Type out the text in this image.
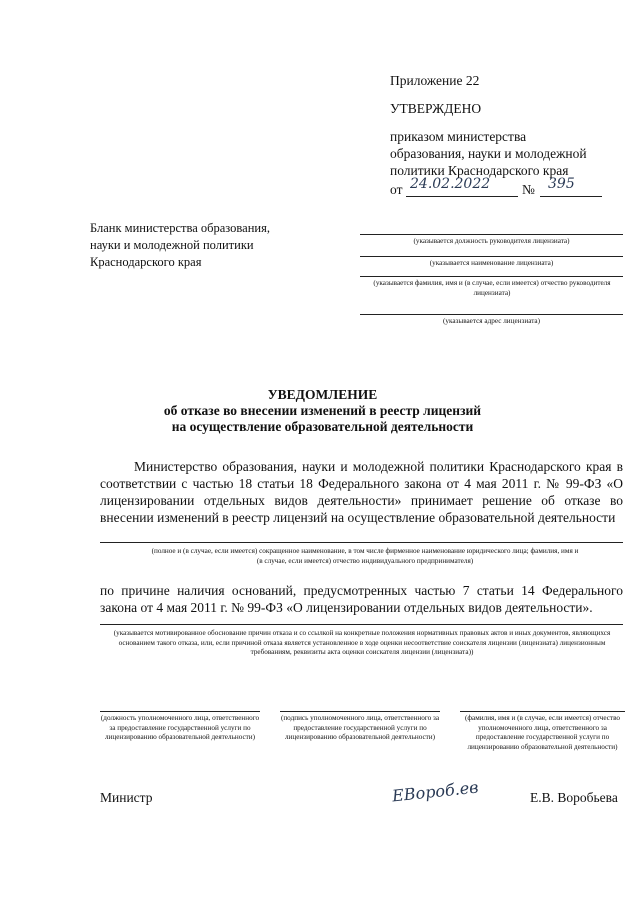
Приложение 22
УТВЕРЖДЕНО
приказом министерства
образования, науки и молодежной
политики Краснодарского края
от 24.02.2022 № 395
Бланк министерства образования,
науки и молодежной политики
Краснодарского края
(указывается должность руководителя лицензиата)
(указывается наименование лицензиата)
(указывается фамилия, имя и (в случае, если имеется) отчество руководителя лицензиата)
(указывается адрес лицензиата)
УВЕДОМЛЕНИЕ
об отказе во внесении изменений в реестр лицензий
на осуществление образовательной деятельности
Министерство образования, науки и молодежной политики Краснодарского края в соответствии с частью 18 статьи 18 Федерального закона от 4 мая 2011 г. № 99-ФЗ «О лицензировании отдельных видов деятельности» принимает решение об отказе во внесении изменений в реестр лицензий на осуществление образовательной деятельности
(полное и (в случае, если имеется) сокращенное наименование, в том числе фирменное наименование юридического лица; фамилия, имя и (в случае, если имеется) отчество индивидуального предпринимателя)
по причине наличия оснований, предусмотренных частью 7 статьи 14 Федерального закона от 4 мая 2011 г. № 99-ФЗ «О лицензировании отдельных видов деятельности».
(указывается мотивированное обоснование причин отказа и со ссылкой на конкретные положения нормативных правовых актов и иных документов, являющихся основанием такого отказа, или, если причиной отказа является установленное в ходе оценки несоответствие соискателя лицензии (лицензиата) лицензионным требованиям, реквизиты акта оценки соискателя лицензии (лицензиата))
(должность уполномоченного лица, ответственного за предоставление государственной услуги по лицензированию образовательной деятельности)
(подпись уполномоченного лица, ответственного за предоставление государственной услуги по лицензированию образовательной деятельности)
(фамилия, имя и (в случае, если имеется) отчество уполномоченного лица, ответственного за предоставление государственной услуги по лицензированию образовательной деятельности)
Министр	ЕВороб.ев	Е.В. Воробьева
